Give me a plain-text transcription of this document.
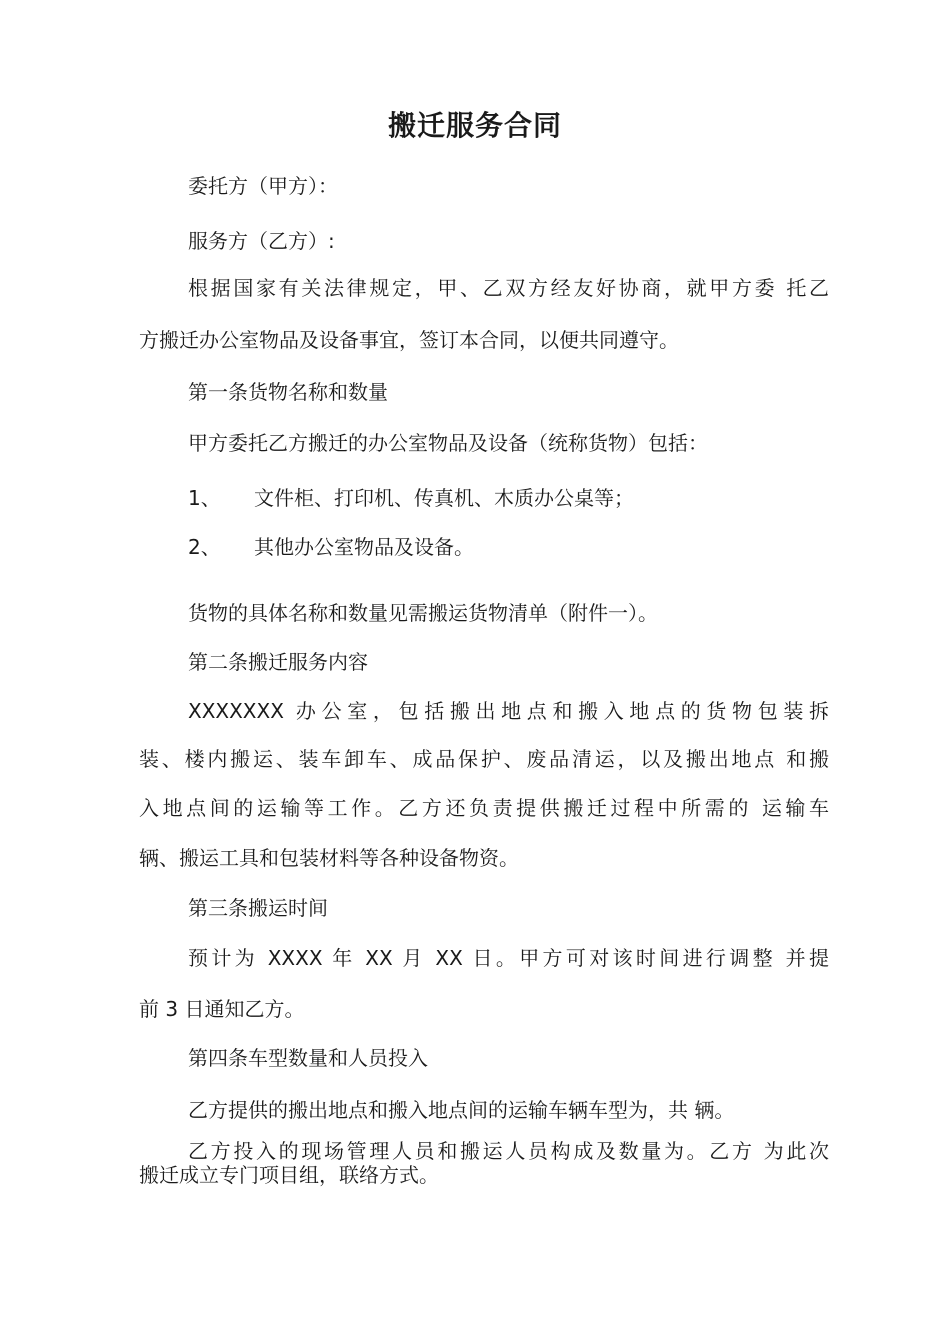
搬迁服务合同
委托方（甲方）：
服务方（乙方）:
根据国家有关法律规定，甲、乙双方经友好协商，就甲方委 托乙
方搬迁办公室物品及设备事宜，签订本合同，以便共同遵守。
第一条货物名称和数量
甲方委托乙方搬迁的办公室物品及设备（统称货物）包括：
1、 文件柜、打印机、传真机、木质办公桌等；
2、 其他办公室物品及设备。
货物的具体名称和数量见需搬运货物清单（附件一）。
第二条搬迁服务内容
XXXXXXX 办公室，包括搬出地点和搬入地点的货物包装拆
装、楼内搬运、装车卸车、成品保护、废品清运，以及搬出地点 和搬
入地点间的运输等工作。乙方还负责提供搬迁过程中所需的 运输车
辆、搬运工具和包装材料等各种设备物资。
第三条搬运时间
预计为 XXXX 年 XX 月 XX 日。甲方可对该时间进行调整 并提
前 3 日通知乙方。
第四条车型数量和人员投入
乙方提供的搬出地点和搬入地点间的运输车辆车型为，共 辆。
乙方投入的现场管理人员和搬运人员构成及数量为。乙方 为此次
搬迁成立专门项目组，联络方式。
